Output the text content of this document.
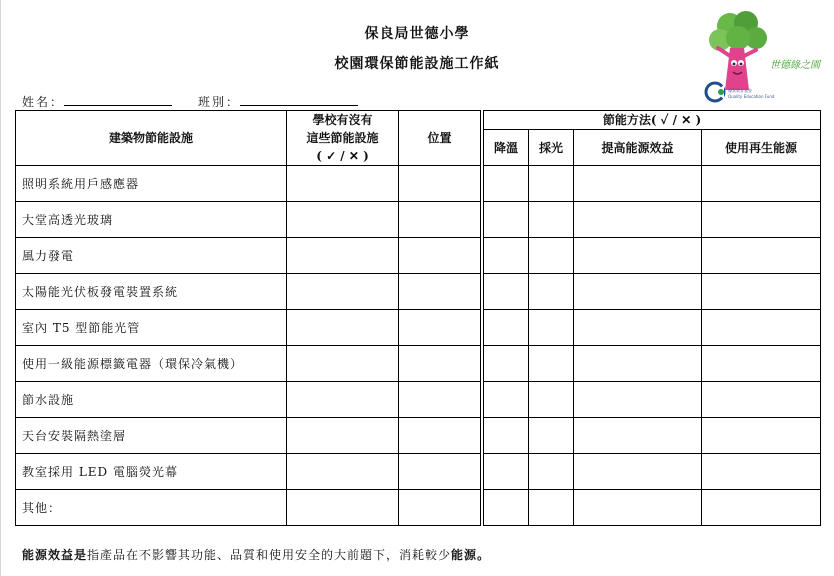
保良局世德小學
校園環保節能設施工作紙	世德綠之園
優質教育基金
Quality Education Fund
姓名：	班別：
建築物節能設施	學校有沒有
這些節能設施
( ✓ / ✕ )	位置		節能方法( ✓ / ✕ )			
				降溫	採光	提高能源效益	使用再生能源
照明系統用戶感應器							
大堂高透光玻璃							
風力發電							
太陽能光伏板發電裝置系統							
室內 T5 型節能光管							
使用一級能源標籤電器（環保冷氣機）							
節水設施							
天台安裝隔熱塗層							
教室採用 LED 電腦熒光幕							
其他：							
能源效益是指產品在不影響其功能、品質和使用安全的大前題下，消耗較少能源。
